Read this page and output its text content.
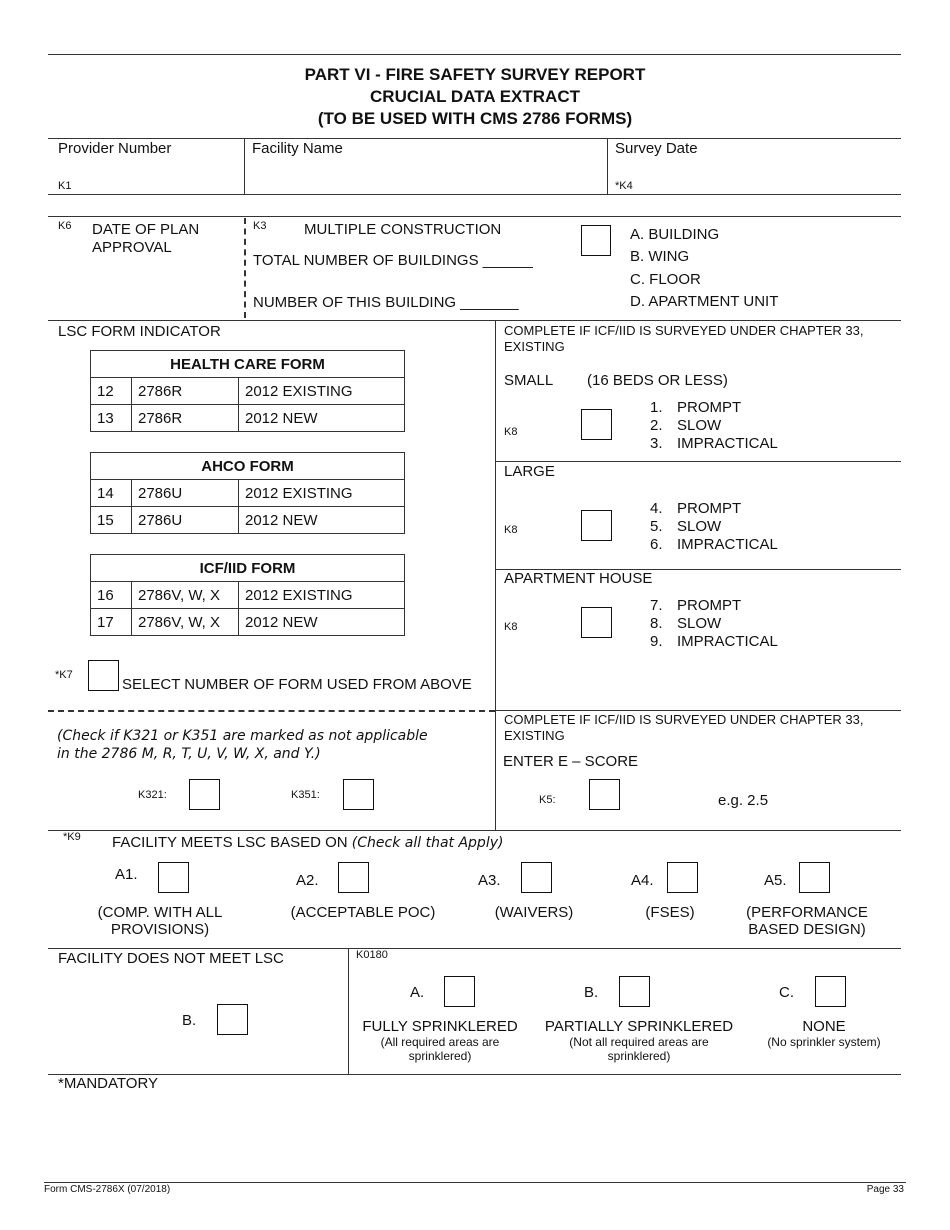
PART VI - FIRE SAFETY SURVEY REPORT
CRUCIAL DATA EXTRACT
(TO BE USED WITH CMS 2786 FORMS)
Provider Number
K1
Facility Name	Survey Date
*K4
K6 DATE OF PLAN
APPROVAL
K3	MULTIPLE CONSTRUCTION
TOTAL NUMBER OF BUILDINGS ______
NUMBER OF THIS BUILDING _______
A. BUILDING
B. WING
C. FLOOR
D. APARTMENT UNIT
LSC FORM INDICATOR
HEALTH CARE FORM		
12	2786R	2012 EXISTING
13	2786R	2012 NEW
AHCO FORM		
14	2786U	2012 EXISTING
15	2786U	2012 NEW
ICF/IID FORM		
16	2786V, W, X	2012 EXISTING
17	2786V, W, X	2012 NEW
*K7
SELECT NUMBER OF FORM USED FROM ABOVE
COMPLETE IF ICF/IID IS SURVEYED UNDER CHAPTER 33, EXISTING
SMALL (16 BEDS OR LESS)
K8
1. PROMPT
2. SLOW
3. IMPRACTICAL
LARGE
K8
4. PROMPT
5. SLOW
6. IMPRACTICAL
APARTMENT HOUSE
K8
7. PROMPT
8. SLOW
9. IMPRACTICAL
(Check if K321 or K351 are marked as not applicable
in the 2786 M, R, T, U, V, W, X, and Y.)
K321:	K351:
COMPLETE IF ICF/IID IS SURVEYED UNDER CHAPTER 33, EXISTING
ENTER E – SCORE
K5:	e.g. 2.5
*K9 FACILITY MEETS LSC BASED ON (Check all that Apply)
A1.
(COMP. WITH ALL PROVISIONS)
A2.
(ACCEPTABLE POC)
A3.
(WAIVERS)
A4.
(FSES)
A5.
(PERFORMANCE BASED DESIGN)
FACILITY DOES NOT MEET LSC
B.
K0180
A.
FULLY SPRINKLERED
(All required areas are sprinklered)
B.
PARTIALLY SPRINKLERED
(Not all required areas are sprinklered)
C.
NONE
(No sprinkler system)
*MANDATORY
Form CMS-2786X (07/2018)	Page 33
